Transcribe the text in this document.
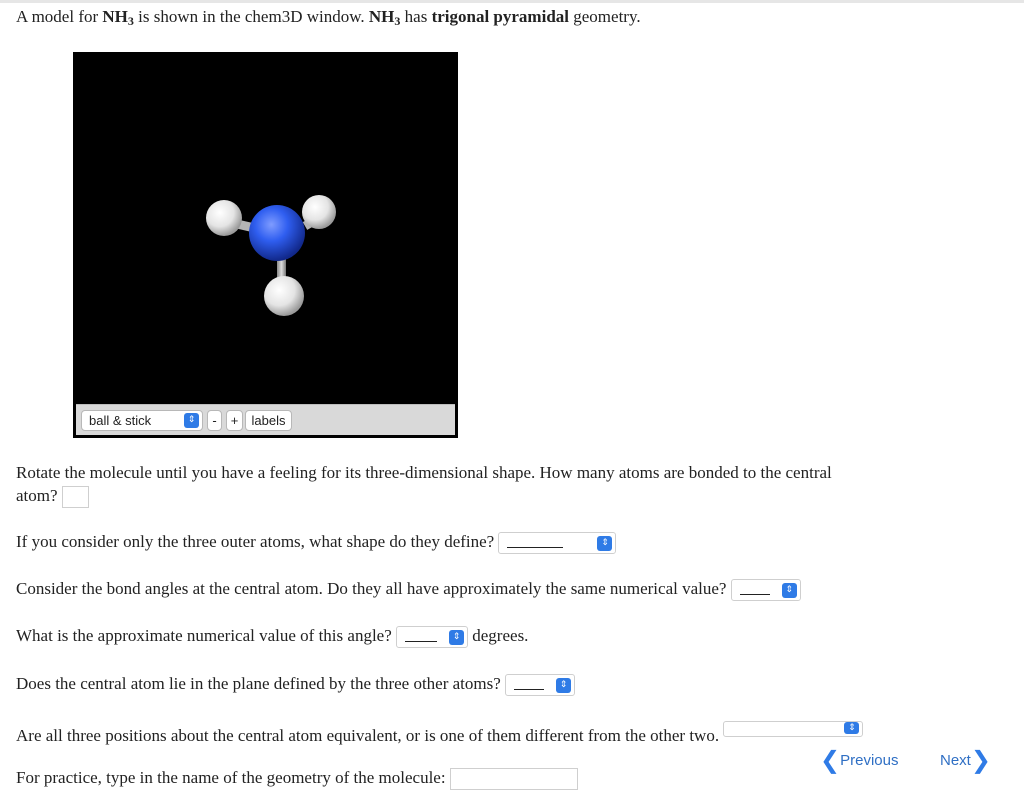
A model for $NH_3$ is shown in the chem3D window. $NH_3$ has trigonal pyramidal geometry.
ball & stick	⇕	-	+	labels
Rotate the molecule until you have a feeling for its three-dimensional shape. How many atoms are bonded to the central
atom?
If you consider only the three outer atoms, what shape do they define?	⇕
Consider the bond angles at the central atom. Do they all have approximately the same numerical value?	⇕
What is the approximate numerical value of this angle?	⇕ degrees.
Does the central atom lie in the plane defined by the three other atoms?	⇕
Are all three positions about the central atom equivalent, or is one of them different from the other two.	⇕
❮Previous	Next❯
For practice, type in the name of the geometry of the molecule:
